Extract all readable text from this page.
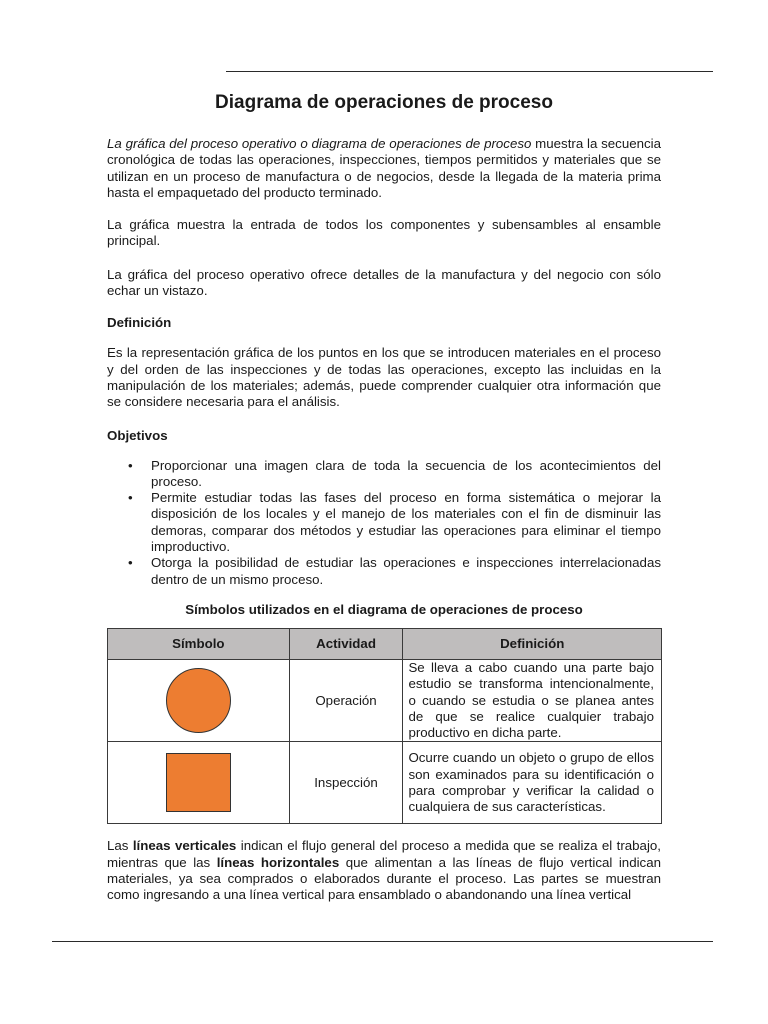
Diagrama de operaciones de proceso

La gráfica del proceso operativo o diagrama de operaciones de proceso muestra la secuencia cronológica de todas las operaciones, inspecciones, tiempos permitidos y materiales que se utilizan en un proceso de manufactura o de negocios, desde la llegada de la materia prima hasta el empaquetado del producto terminado.

La gráfica muestra la entrada de todos los componentes y subensambles al ensamble principal.

La gráfica del proceso operativo ofrece detalles de la manufactura y del negocio con sólo echar un vistazo.

Definición

Es la representación gráfica de los puntos en los que se introducen materiales en el proceso y del orden de las inspecciones y de todas las operaciones, excepto las incluidas en la manipulación de los materiales; además, puede comprender cualquier otra información que se considere necesaria para el análisis.

Objetivos
• Proporcionar una imagen clara de toda la secuencia de los acontecimientos del proceso.
• Permite estudiar todas las fases del proceso en forma sistemática o mejorar la disposición de los locales y el manejo de los materiales con el fin de disminuir las demoras, comparar dos métodos y estudiar las operaciones para eliminar el tiempo improductivo.
• Otorga la posibilidad de estudiar las operaciones e inspecciones interrelacionadas dentro de un mismo proceso.
Símbolos utilizados en el diagrama de operaciones de proceso
Símbolo	Actividad	Definición

	Operación	Se lleva a cabo cuando una parte bajo estudio se transforma intencionalmente, o cuando se estudia o se planea antes de que se realice cualquier trabajo productivo en dicha parte.

	Inspección	Ocurre cuando un objeto o grupo de ellos son examinados para su identificación o para comprobar y verificar la calidad o cualquiera de sus características.

Las líneas verticales indican el flujo general del proceso a medida que se realiza el trabajo, mientras que las líneas horizontales que alimentan a las líneas de flujo vertical indican materiales, ya sea comprados o elaborados durante el proceso. Las partes se muestran como ingresando a una línea vertical para ensamblado o abandonando una línea vertical
